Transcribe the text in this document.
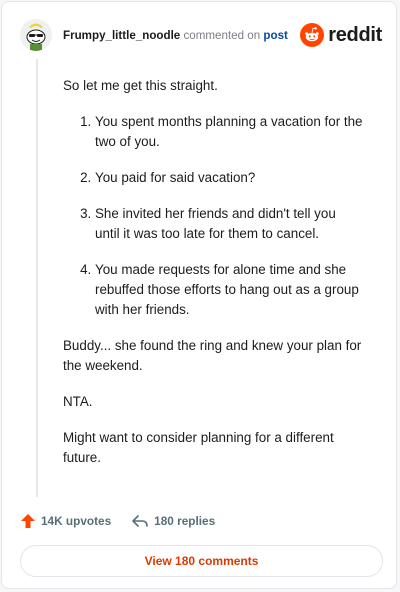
Frumpy_little_noodle commented on post	reddit

So let me get this straight.

1. You spent months planning a vacation for the two of you.
2. You paid for said vacation?
3. She invited her friends and didn't tell you until it was too late for them to cancel.
4. You made requests for alone time and she rebuffed those efforts to hang out as a group with her friends.

Buddy... she found the ring and knew your plan for the weekend.

NTA.

Might want to consider planning for a different future.

14K upvotes	180 replies
View 180 comments
